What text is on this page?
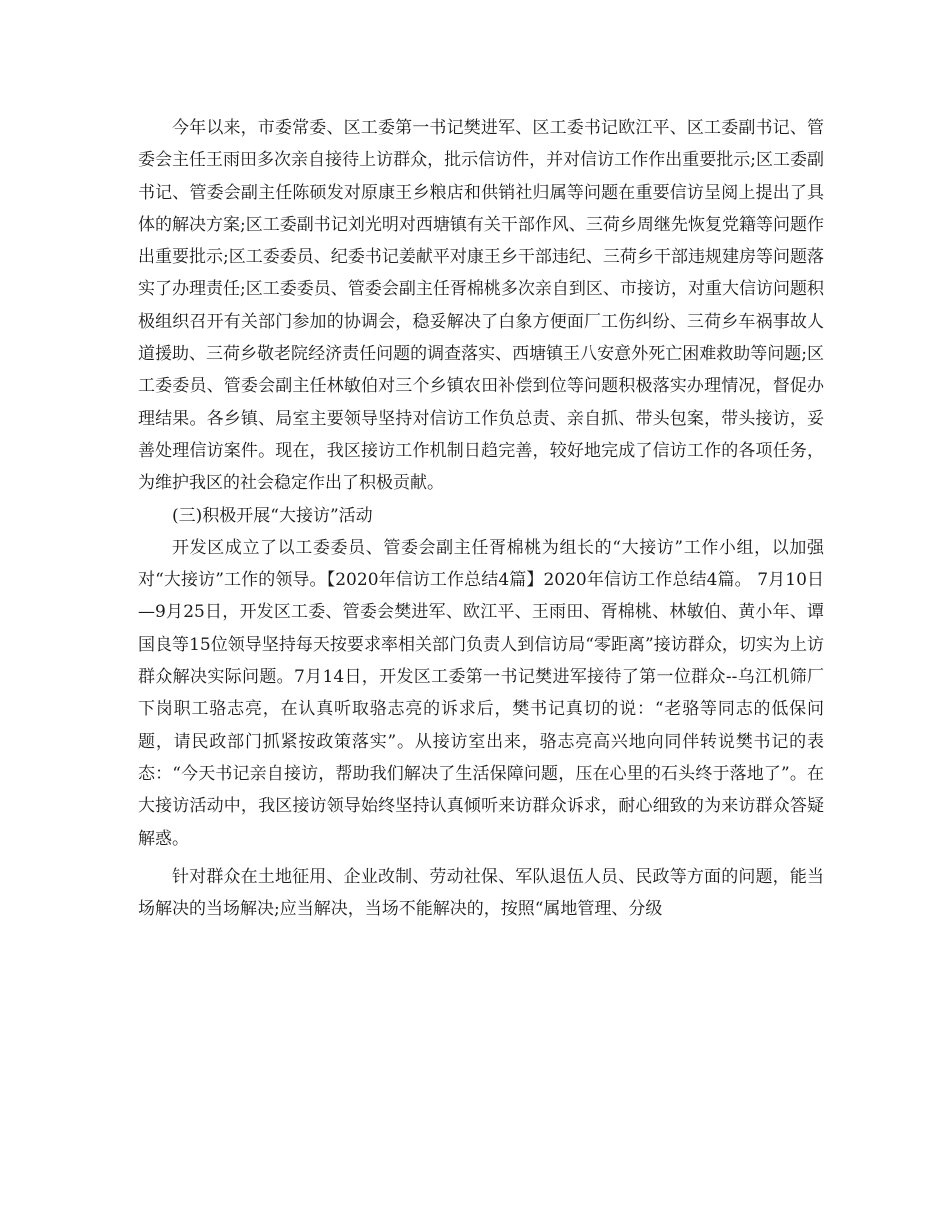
今年以来，市委常委、区工委第一书记樊进军、区工委书记欧江平、区工委副书记、管委会主任王雨田多次亲自接待上访群众，批示信访件，并对信访工作作出重要批示;区工委副书记、管委会副主任陈硕发对原康王乡粮店和供销社归属等问题在重要信访呈阅上提出了具体的解决方案;区工委副书记刘光明对西塘镇有关干部作风、三荷乡周继先恢复党籍等问题作出重要批示;区工委委员、纪委书记姜献平对康王乡干部违纪、三荷乡干部违规建房等问题落实了办理责任;区工委委员、管委会副主任胥棉桃多次亲自到区、市接访，对重大信访问题积极组织召开有关部门参加的协调会，稳妥解决了白象方便面厂工伤纠纷、三荷乡车祸事故人道援助、三荷乡敬老院经济责任问题的调查落实、西塘镇王八安意外死亡困难救助等问题;区工委委员、管委会副主任林敏伯对三个乡镇农田补偿到位等问题积极落实办理情况，督促办理结果。各乡镇、局室主要领导坚持对信访工作负总责、亲自抓、带头包案，带头接访，妥善处理信访案件。现在，我区接访工作机制日趋完善，较好地完成了信访工作的各项任务，为维护我区的社会稳定作出了积极贡献。

(三)积极开展“大接访”活动

开发区成立了以工委委员、管委会副主任胥棉桃为组长的“大接访”工作小组，以加强对“大接访”工作的领导。【2020年信访工作总结4篇】2020年信访工作总结4篇。 7月10日—9月25日，开发区工委、管委会樊进军、欧江平、王雨田、胥棉桃、林敏伯、黄小年、谭国良等15位领导坚持每天按要求率相关部门负责人到信访局“零距离”接访群众，切实为上访群众解决实际问题。7月14日，开发区工委第一书记樊进军接待了第一位群众--乌江机筛厂下岗职工骆志亮，在认真听取骆志亮的诉求后，樊书记真切的说：“老骆等同志的低保问题，请民政部门抓紧按政策落实”。从接访室出来，骆志亮高兴地向同伴转说樊书记的表态：“今天书记亲自接访，帮助我们解决了生活保障问题，压在心里的石头终于落地了”。在大接访活动中，我区接访领导始终坚持认真倾听来访群众诉求，耐心细致的为来访群众答疑解惑。

针对群众在土地征用、企业改制、劳动社保、军队退伍人员、民政等方面的问题，能当场解决的当场解决;应当解决，当场不能解决的，按照“属地管理、分级
